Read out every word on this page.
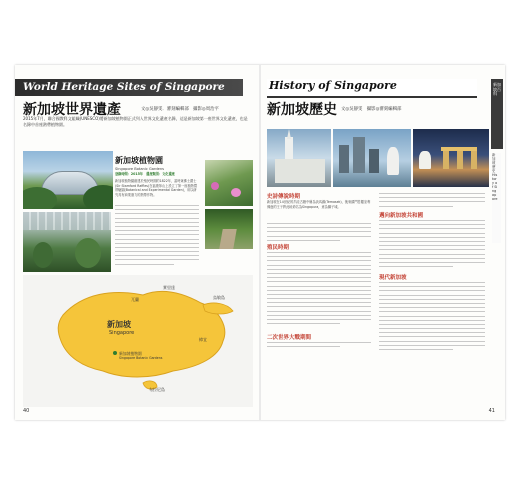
World Heritage Sites of Singapore
新加坡世界遺產	文◎吳靜雯．審刻編輯部　攝影◎周治平
2015年7月，聯合國教科文組織(UNESCO)將新加坡植物園正式列入世界文化遺產名錄，這是新加坡第一座世界文化遺產，也是名錄中首座熱帶植物園。
新加坡植物園
Singapore Botanic Gardens
登錄時間：2015年　遺產類別：文化遺產
新加坡植物園創建於殖民時期的1822年，當時萊佛士爵士(Sir Stamford Raffles)在福康寧山上設立了第一座植物暨實驗園(Botanical and Experimental Garden)，用以研究具有商業潛力的熱帶作物。
新加坡
Singapore
實里達
兀蘭	烏敏島
新加坡植物園
Singapore Botanic Gardens
樟宜
布拉尼島
40
History of Singapore
新加坡歷史 文◎吳靜雯　攝影◎審刻編輯部
新加坡百科
新加坡歷史 History of Singapore
史詩傳說時期
新加坡在14世紀的爪哇古籍中稱為淡馬錫(Temasek)，後來蘇門答臘室利佛逝的王子將此地命名為Singapura，意為獅子城。
殖民時期
二次世界大戰期間
邁向新加坡共和國
現代新加坡
41
